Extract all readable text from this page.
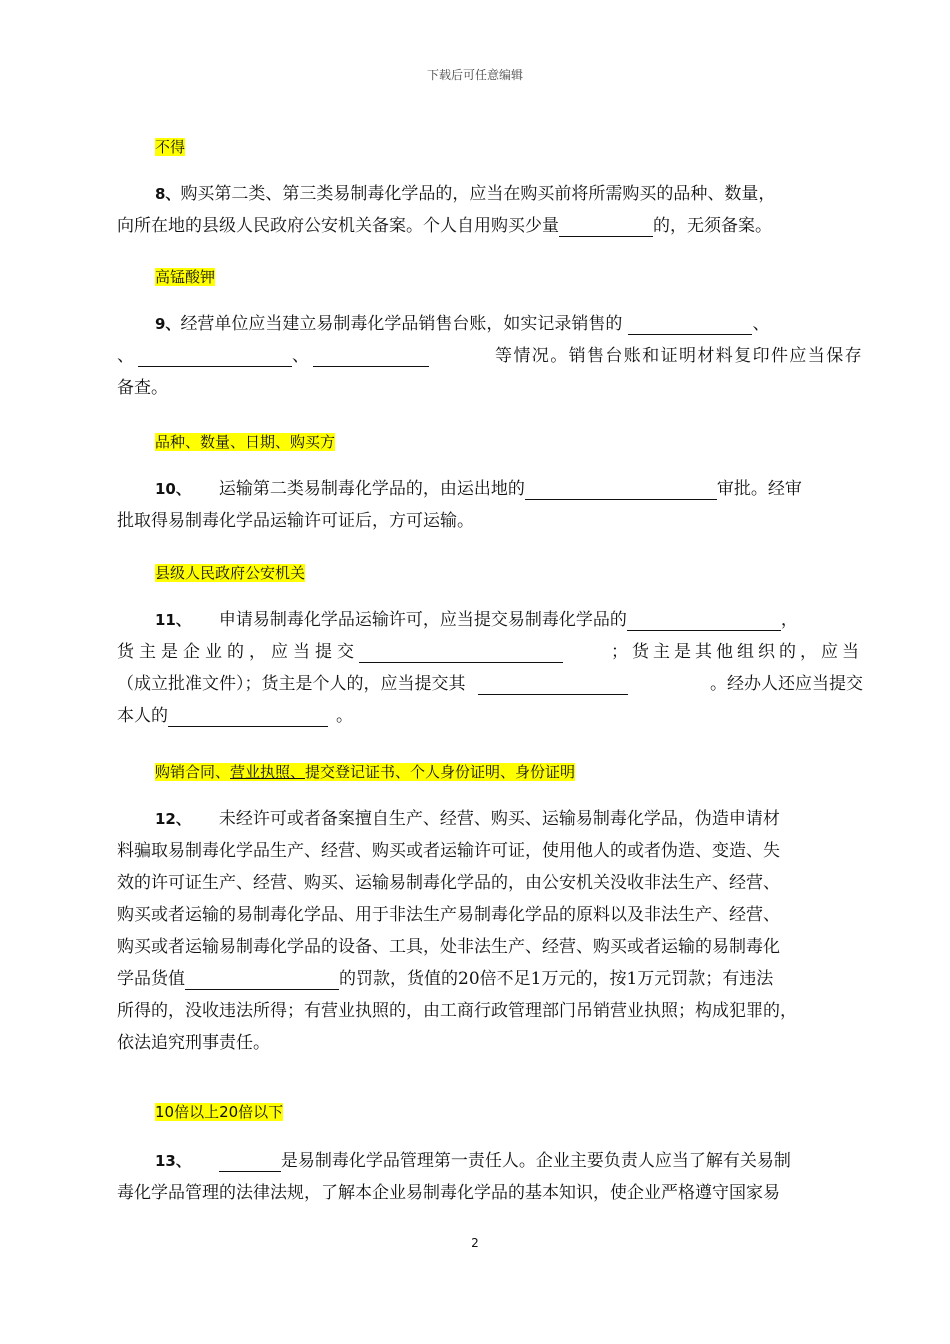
下载后可任意编辑
不得
8、购买第二类、第三类易制毒化学品的，应当在购买前将所需购买的品种、数量，
向所在地的县级人民政府公安机关备案。个人自用购买少量	的，无须备案。
高锰酸钾
9、经营单位应当建立易制毒化学品销售台账，如实记录销售的	、
、	、	等情况。销售台账和证明材料复印件应当保存
备查。
品种、数量、日期、购买方
10、 运输第二类易制毒化学品的，由运出地的	审批。经审
批取得易制毒化学品运输许可证后，方可运输。
县级人民政府公安机关
11、 申请易制毒化学品运输许可，应当提交易制毒化学品的	，
货主是企业的，应当提交	；货主是其他组织的，应当
（成立批准文件）；货主是个人的，应当提交其	。经办人还应当提交
本人的	。
购销合同、营业执照、提交登记证书、个人身份证明、身份证明
12、 未经许可或者备案擅自生产、经营、购买、运输易制毒化学品，伪造申请材
料骗取易制毒化学品生产、经营、购买或者运输许可证，使用他人的或者伪造、变造、失
效的许可证生产、经营、购买、运输易制毒化学品的，由公安机关没收非法生产、经营、
购买或者运输的易制毒化学品、用于非法生产易制毒化学品的原料以及非法生产、经营、
购买或者运输易制毒化学品的设备、工具，处非法生产、经营、购买或者运输的易制毒化
学品货值	的罚款，货值的20倍不足1万元的，按1万元罚款；有违法
所得的，没收违法所得；有营业执照的，由工商行政管理部门吊销营业执照；构成犯罪的，
依法追究刑事责任。
10倍以上20倍以下
13、	是易制毒化学品管理第一责任人。企业主要负责人应当了解有关易制
毒化学品管理的法律法规，了解本企业易制毒化学品的基本知识，使企业严格遵守国家易
2
